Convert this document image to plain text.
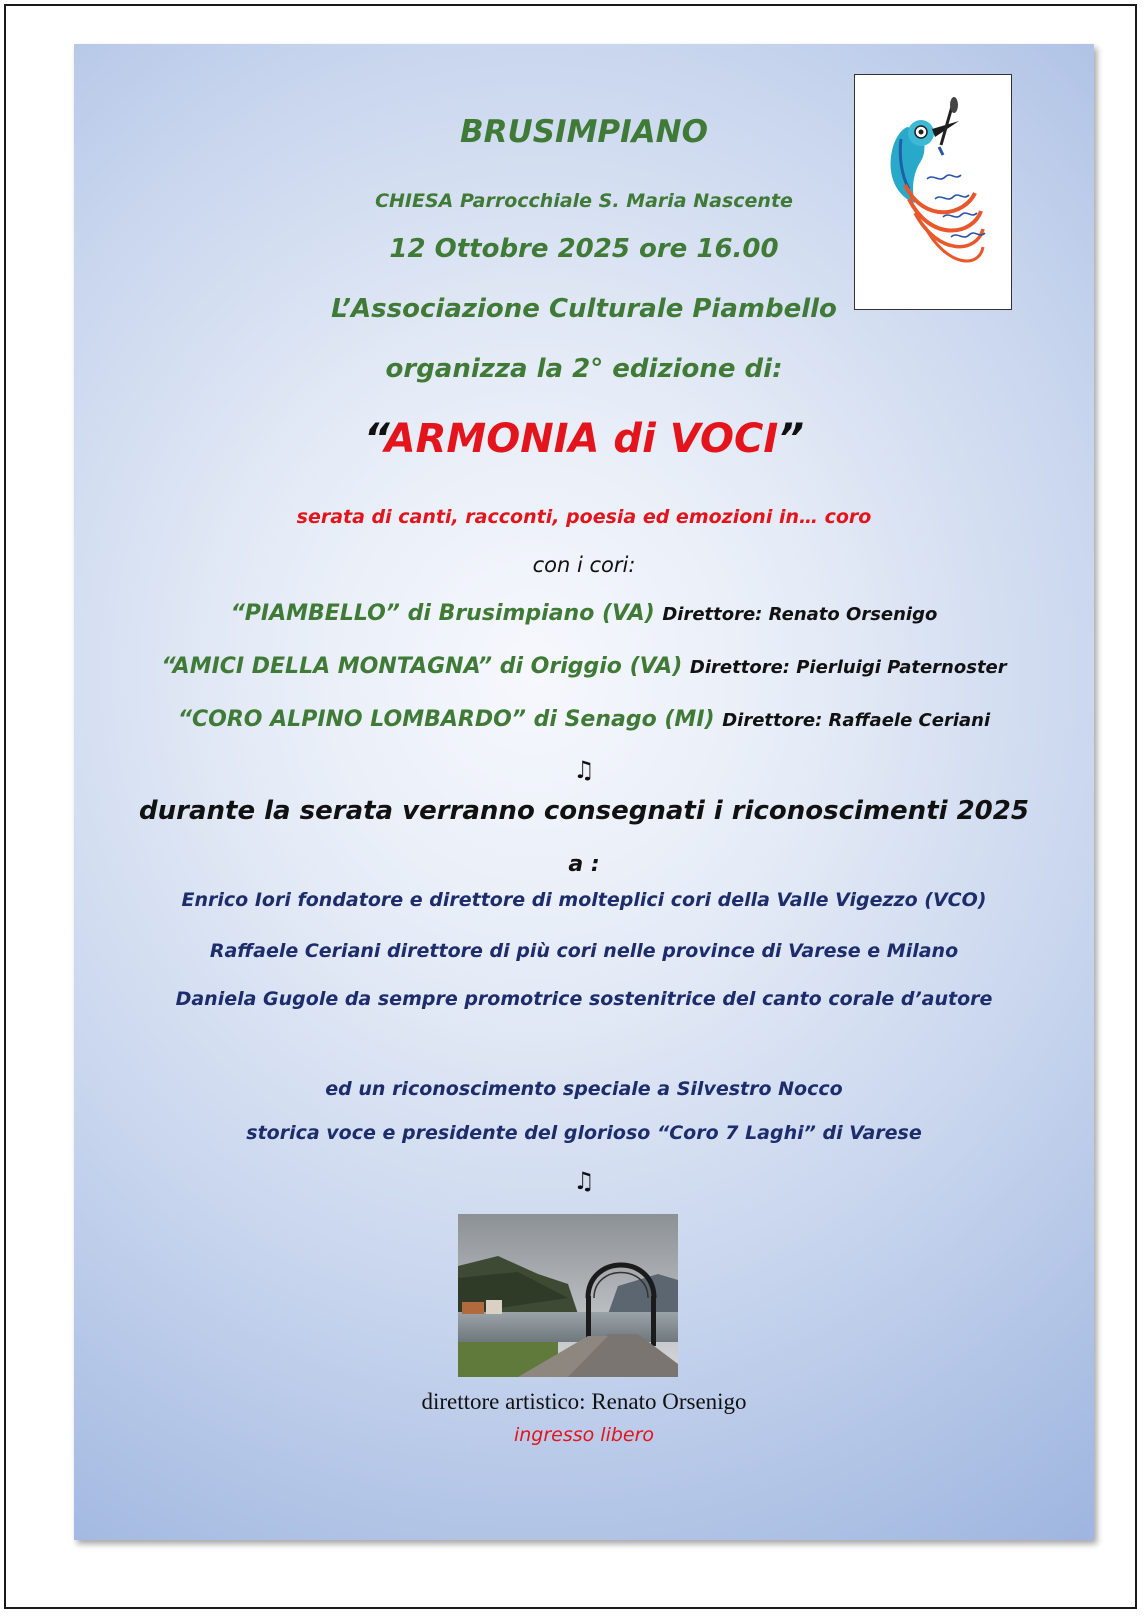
BRUSIMPIANO

CHIESA Parrocchiale S. Maria Nascente

12 Ottobre 2025 ore 16.00

L’Associazione Culturale Piambello

organizza la 2° edizione di:

“ARMONIA di VOCI”

serata di canti, racconti, poesia ed emozioni in… coro

con i cori:

“PIAMBELLO” di Brusimpiano (VA) Direttore: Renato Orsenigo

“AMICI DELLA MONTAGNA” di Origgio (VA) Direttore: Pierluigi Paternoster

“CORO ALPINO LOMBARDO” di Senago (MI) Direttore: Raffaele Ceriani

♫

durante la serata verranno consegnati i riconoscimenti 2025

a :

Enrico Iori fondatore e direttore di molteplici cori della Valle Vigezzo (VCO)

Raffaele Ceriani direttore di più cori nelle province di Varese e Milano

Daniela Gugole da sempre promotrice sostenitrice del canto corale d’autore

ed un riconoscimento speciale a Silvestro Nocco

storica voce e presidente del glorioso “Coro 7 Laghi” di Varese

♫

direttore artistico: Renato Orsenigo

ingresso libero
